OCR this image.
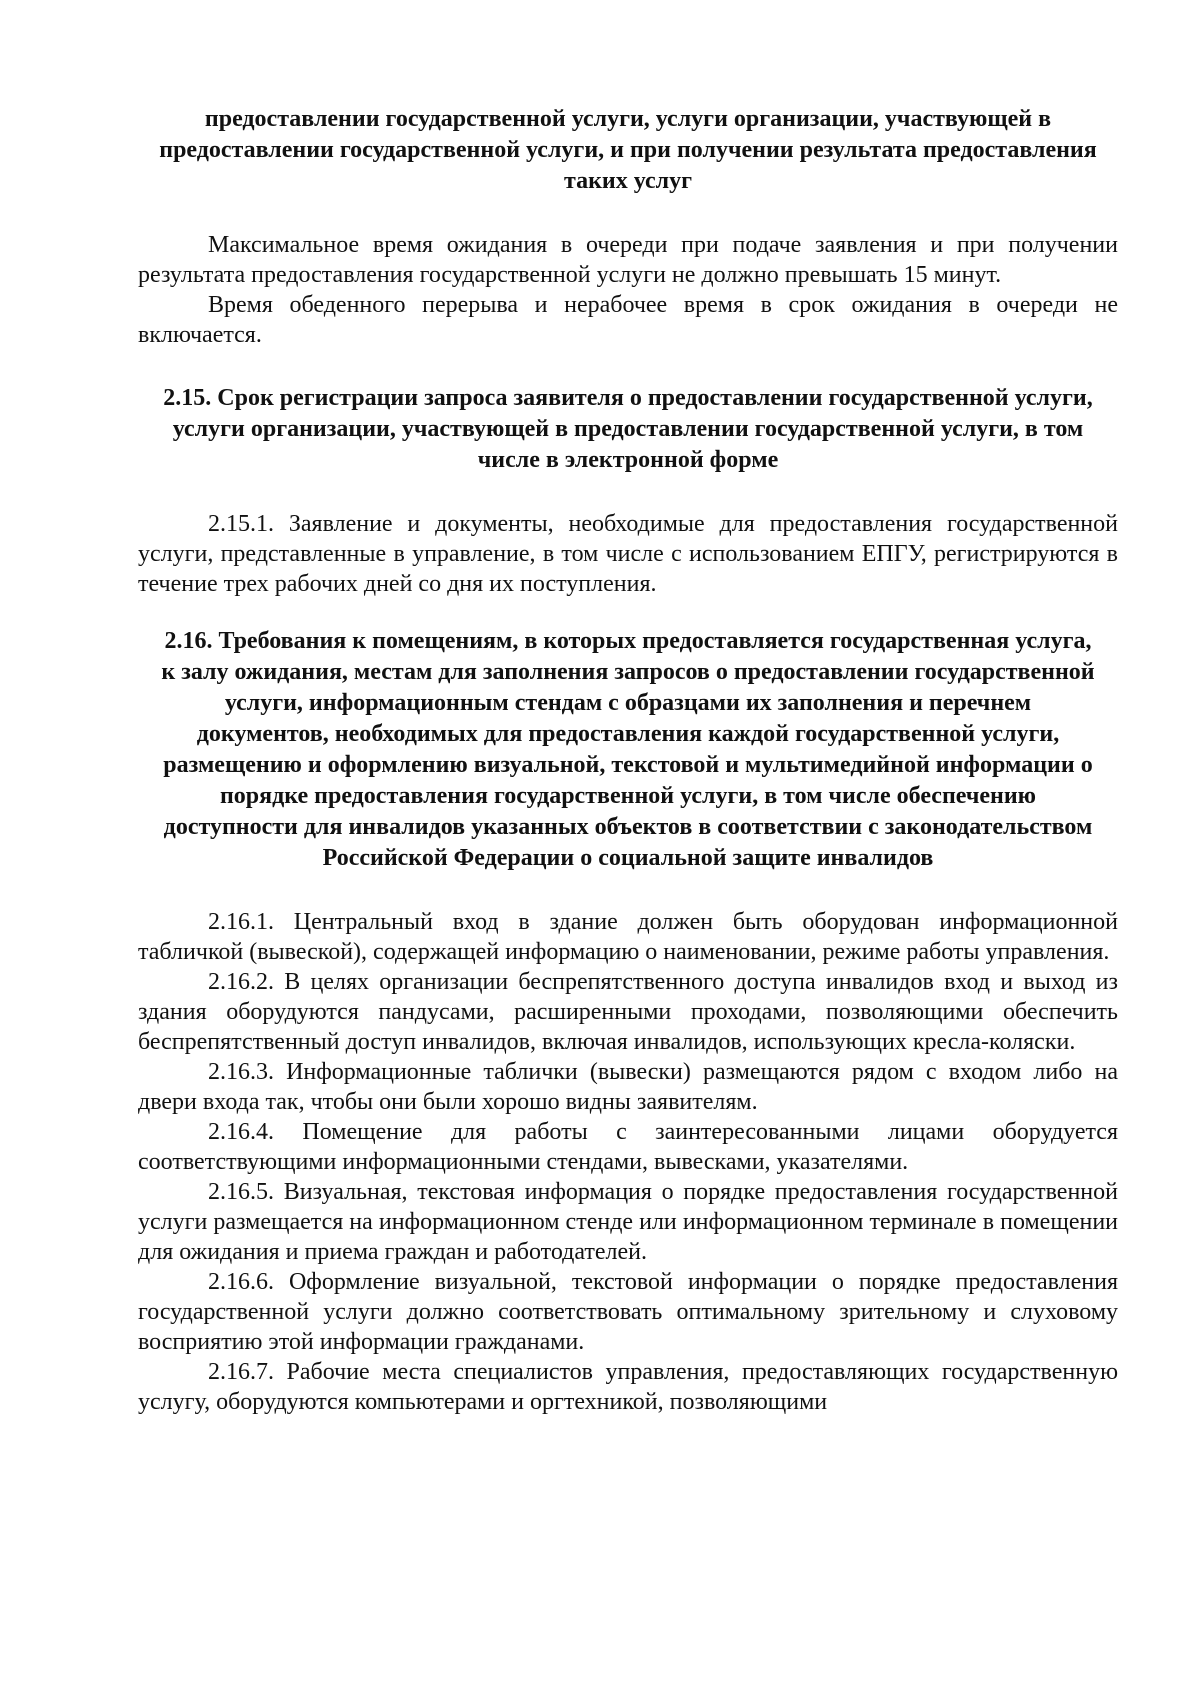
предоставлении государственной услуги, услуги организации, участвующей в предоставлении государственной услуги, и при получении результата предоставления таких услуг

Максимальное время ожидания в очереди при подаче заявления и при получении результата предоставления государственной услуги не должно превышать 15 минут.

Время обеденного перерыва и нерабочее время в срок ожидания в очереди не включается.

2.15. Срок регистрации запроса заявителя о предоставлении государственной услуги, услуги организации, участвующей в предоставлении государственной услуги, в том числе в электронной форме

2.15.1. Заявление и документы, необходимые для предоставления государственной услуги, представленные в управление, в том числе с использованием ЕПГУ, регистрируются в течение трех рабочих дней со дня их поступления.

2.16. Требования к помещениям, в которых предоставляется государственная услуга, к залу ожидания, местам для заполнения запросов о предоставлении государственной услуги, информационным стендам с образцами их заполнения и перечнем документов, необходимых для предоставления каждой государственной услуги, размещению и оформлению визуальной, текстовой и мультимедийной информации о порядке предоставления государственной услуги, в том числе обеспечению доступности для инвалидов указанных объектов в соответствии с законодательством Российской Федерации о социальной защите инвалидов

2.16.1. Центральный вход в здание должен быть оборудован информационной табличкой (вывеской), содержащей информацию о наименовании, режиме работы управления.

2.16.2. В целях организации беспрепятственного доступа инвалидов вход и выход из здания оборудуются пандусами, расширенными проходами, позволяющими обеспечить беспрепятственный доступ инвалидов, включая инвалидов, использующих кресла-коляски.

2.16.3. Информационные таблички (вывески) размещаются рядом с входом либо на двери входа так, чтобы они были хорошо видны заявителям.

2.16.4. Помещение для работы с заинтересованными лицами оборудуется соответствующими информационными стендами, вывесками, указателями.

2.16.5. Визуальная, текстовая информация о порядке предоставления государственной услуги размещается на информационном стенде или информационном терминале в помещении для ожидания и приема граждан и работодателей.

2.16.6. Оформление визуальной, текстовой информации о порядке предоставления государственной услуги должно соответствовать оптимальному зрительному и слуховому восприятию этой информации гражданами.

2.16.7. Рабочие места специалистов управления, предоставляющих государственную услугу, оборудуются компьютерами и оргтехникой, позволяющими
